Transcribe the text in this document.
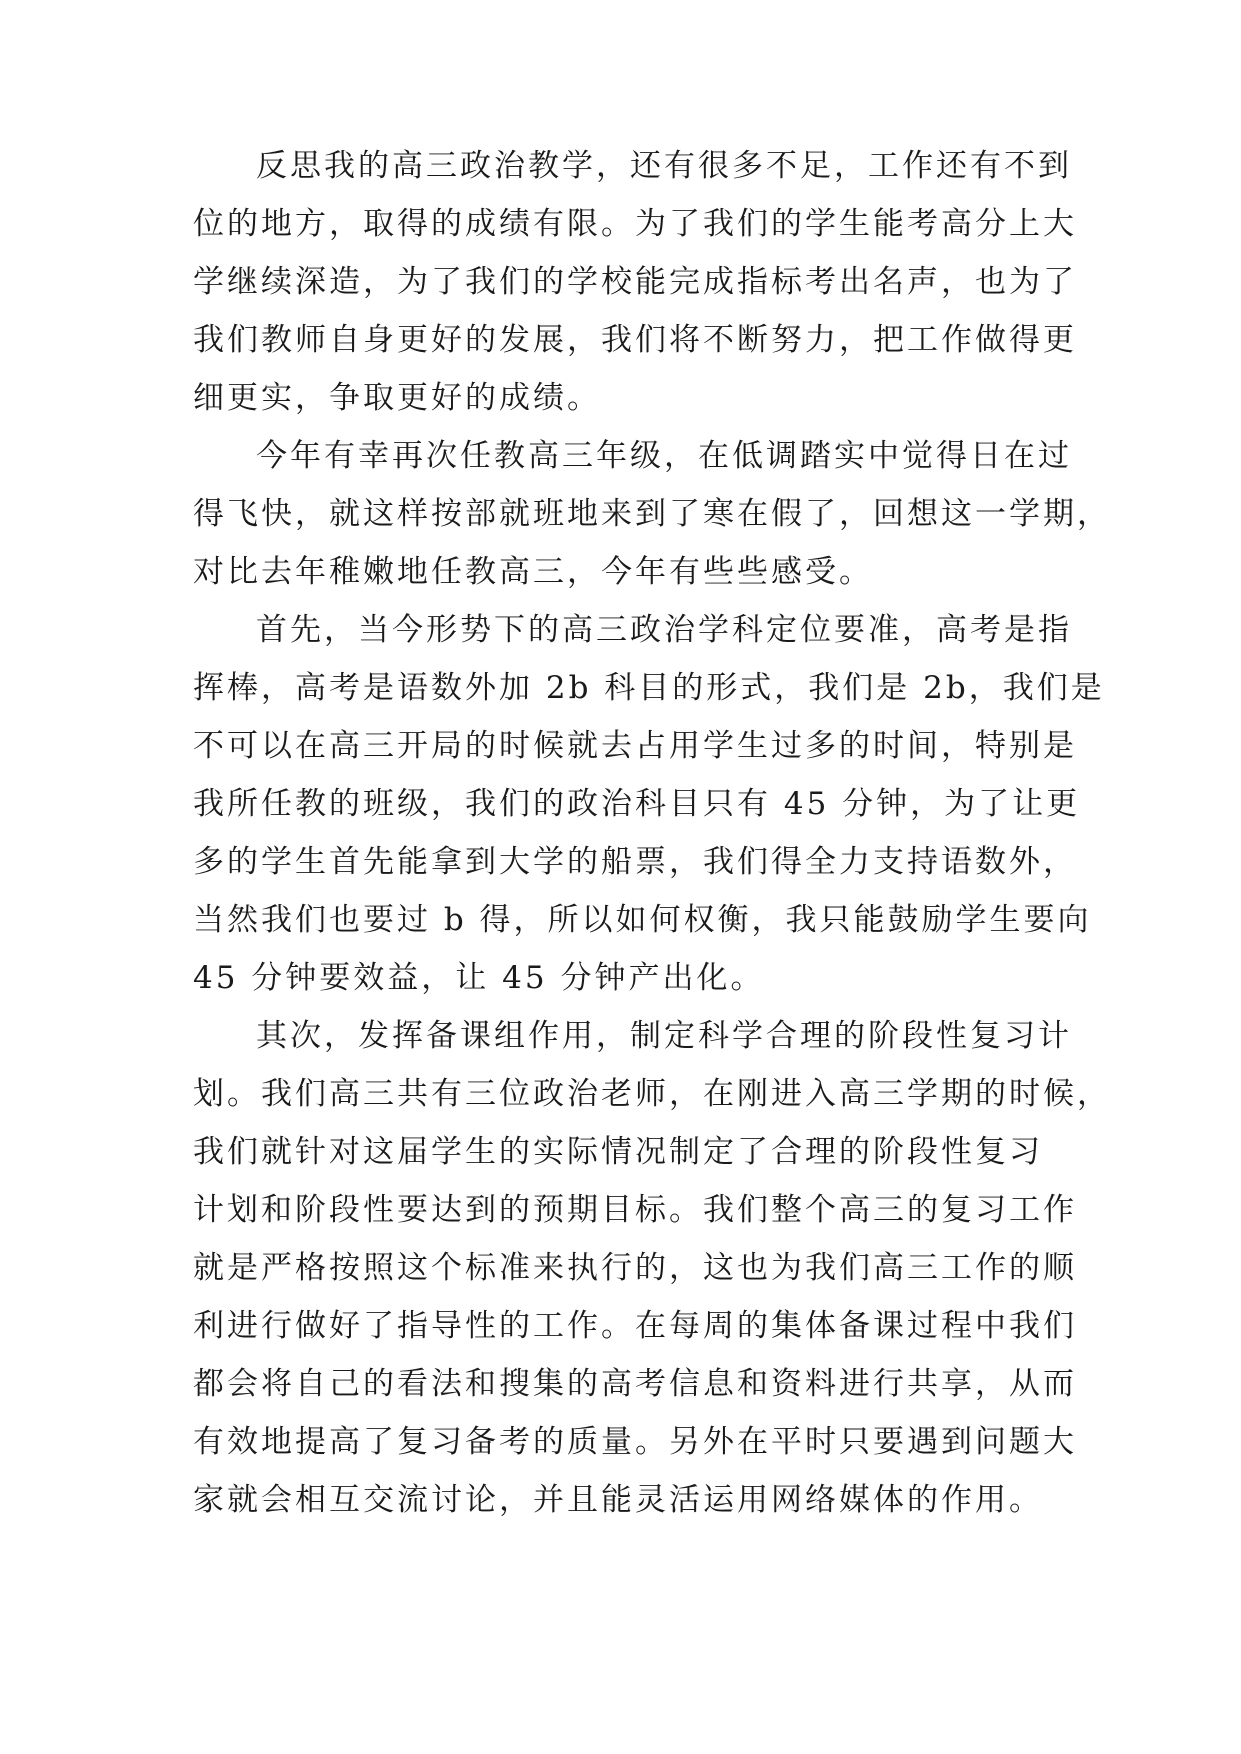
反思我的高三政治教学，还有很多不足，工作还有不到
位的地方，取得的成绩有限。为了我们的学生能考高分上大
学继续深造，为了我们的学校能完成指标考出名声，也为了
我们教师自身更好的发展，我们将不断努力，把工作做得更
细更实，争取更好的成绩。
今年有幸再次任教高三年级，在低调踏实中觉得日在过
得飞快，就这样按部就班地来到了寒在假了，回想这一学期，
对比去年稚嫩地任教高三，今年有些些感受。
首先，当今形势下的高三政治学科定位要准，高考是指
挥棒，高考是语数外加 2b 科目的形式，我们是 2b，我们是
不可以在高三开局的时候就去占用学生过多的时间，特别是
我所任教的班级，我们的政治科目只有 45 分钟，为了让更
多的学生首先能拿到大学的船票，我们得全力支持语数外，
当然我们也要过 b 得，所以如何权衡，我只能鼓励学生要向
45 分钟要效益，让 45 分钟产出化。
其次，发挥备课组作用，制定科学合理的阶段性复习计
划。我们高三共有三位政治老师，在刚进入高三学期的时候，
我们就针对这届学生的实际情况制定了合理的阶段性复习
计划和阶段性要达到的预期目标。我们整个高三的复习工作
就是严格按照这个标准来执行的，这也为我们高三工作的顺
利进行做好了指导性的工作。在每周的集体备课过程中我们
都会将自己的看法和搜集的高考信息和资料进行共享，从而
有效地提高了复习备考的质量。另外在平时只要遇到问题大
家就会相互交流讨论，并且能灵活运用网络媒体的作用。
